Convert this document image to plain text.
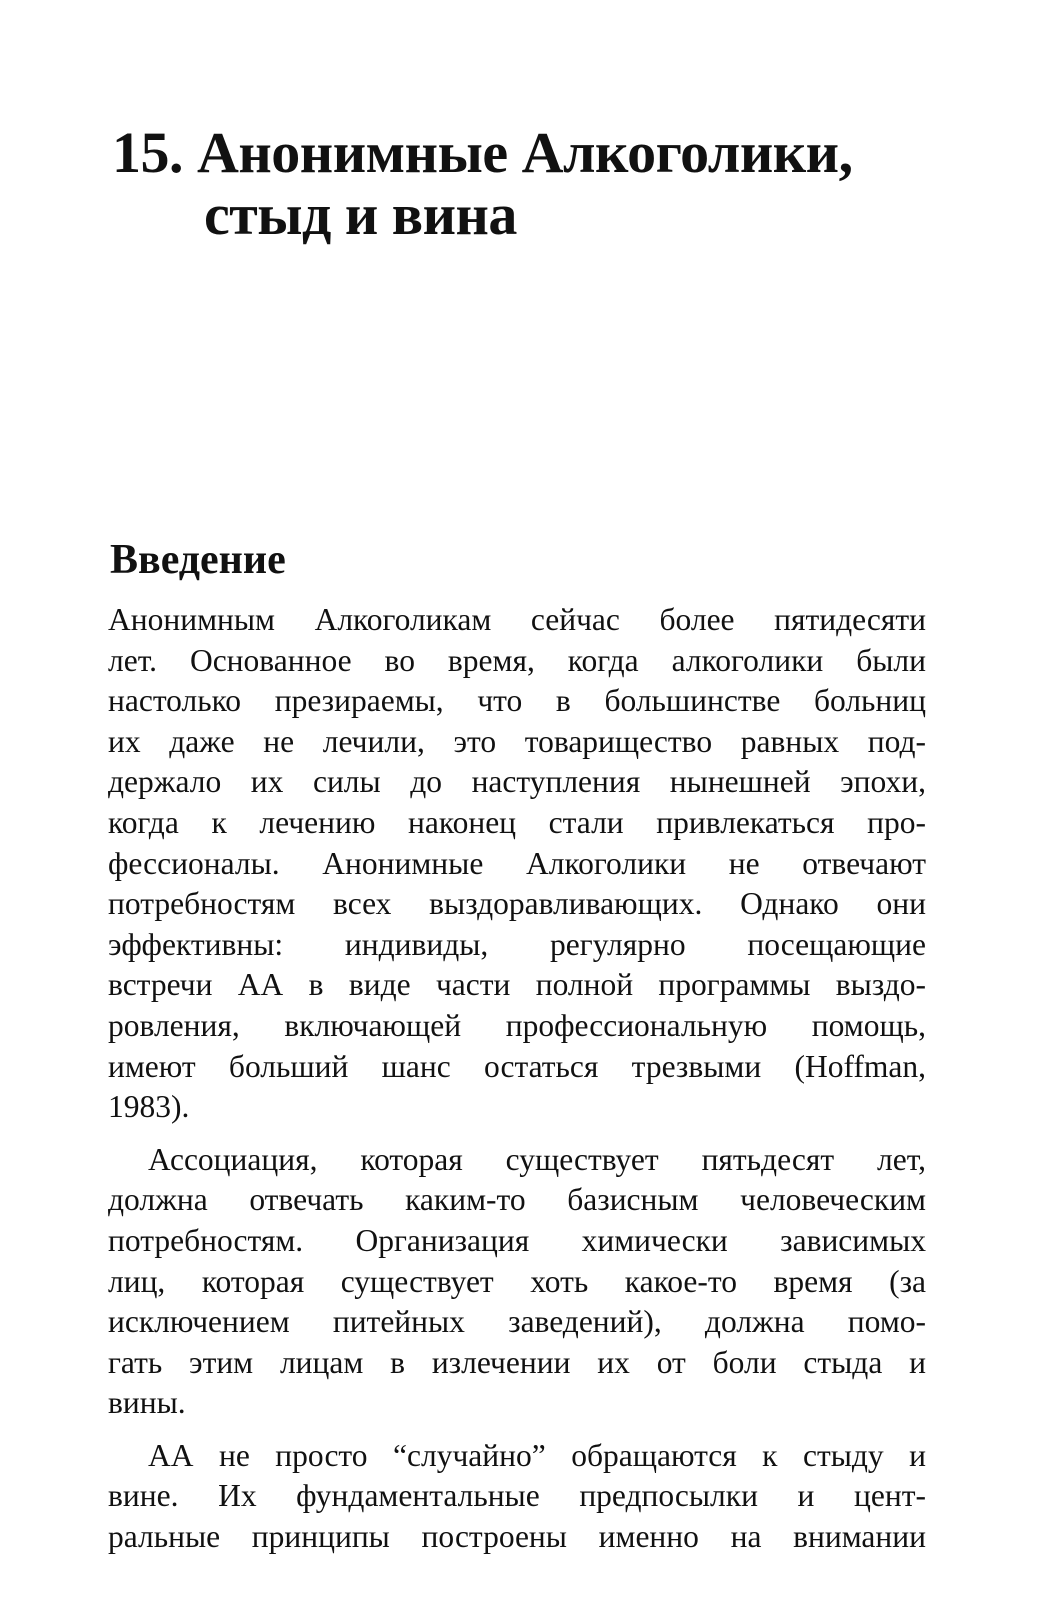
15. Анонимные Алкоголики,
стыд и вина
Введение

Анонимным Алкоголикам сейчас более пятидесяти
лет. Основанное во время, когда алкоголики были
настолько презираемы, что в большинстве больниц
их даже не лечили, это товарищество равных под-
держало их силы до наступления нынешней эпохи,
когда к лечению наконец стали привлекаться про-
фессионалы. Анонимные Алкоголики не отвечают
потребностям всех выздоравливающих. Однако они
эффективны: индивиды, регулярно посещающие
встречи АА в виде части полной программы выздо-
ровления, включающей профессиональную помощь,
имеют больший шанс остаться трезвыми (Hoffman,
1983).

Ассоциация, которая существует пятьдесят лет,
должна отвечать каким-то базисным человеческим
потребностям. Организация химически зависимых
лиц, которая существует хоть какое-то время (за
исключением питейных заведений), должна помо-
гать этим лицам в излечении их от боли стыда и
вины.

АА не просто “случайно” обращаются к стыду и
вине. Их фундаментальные предпосылки и цент-
ральные принципы построены именно на внимании
